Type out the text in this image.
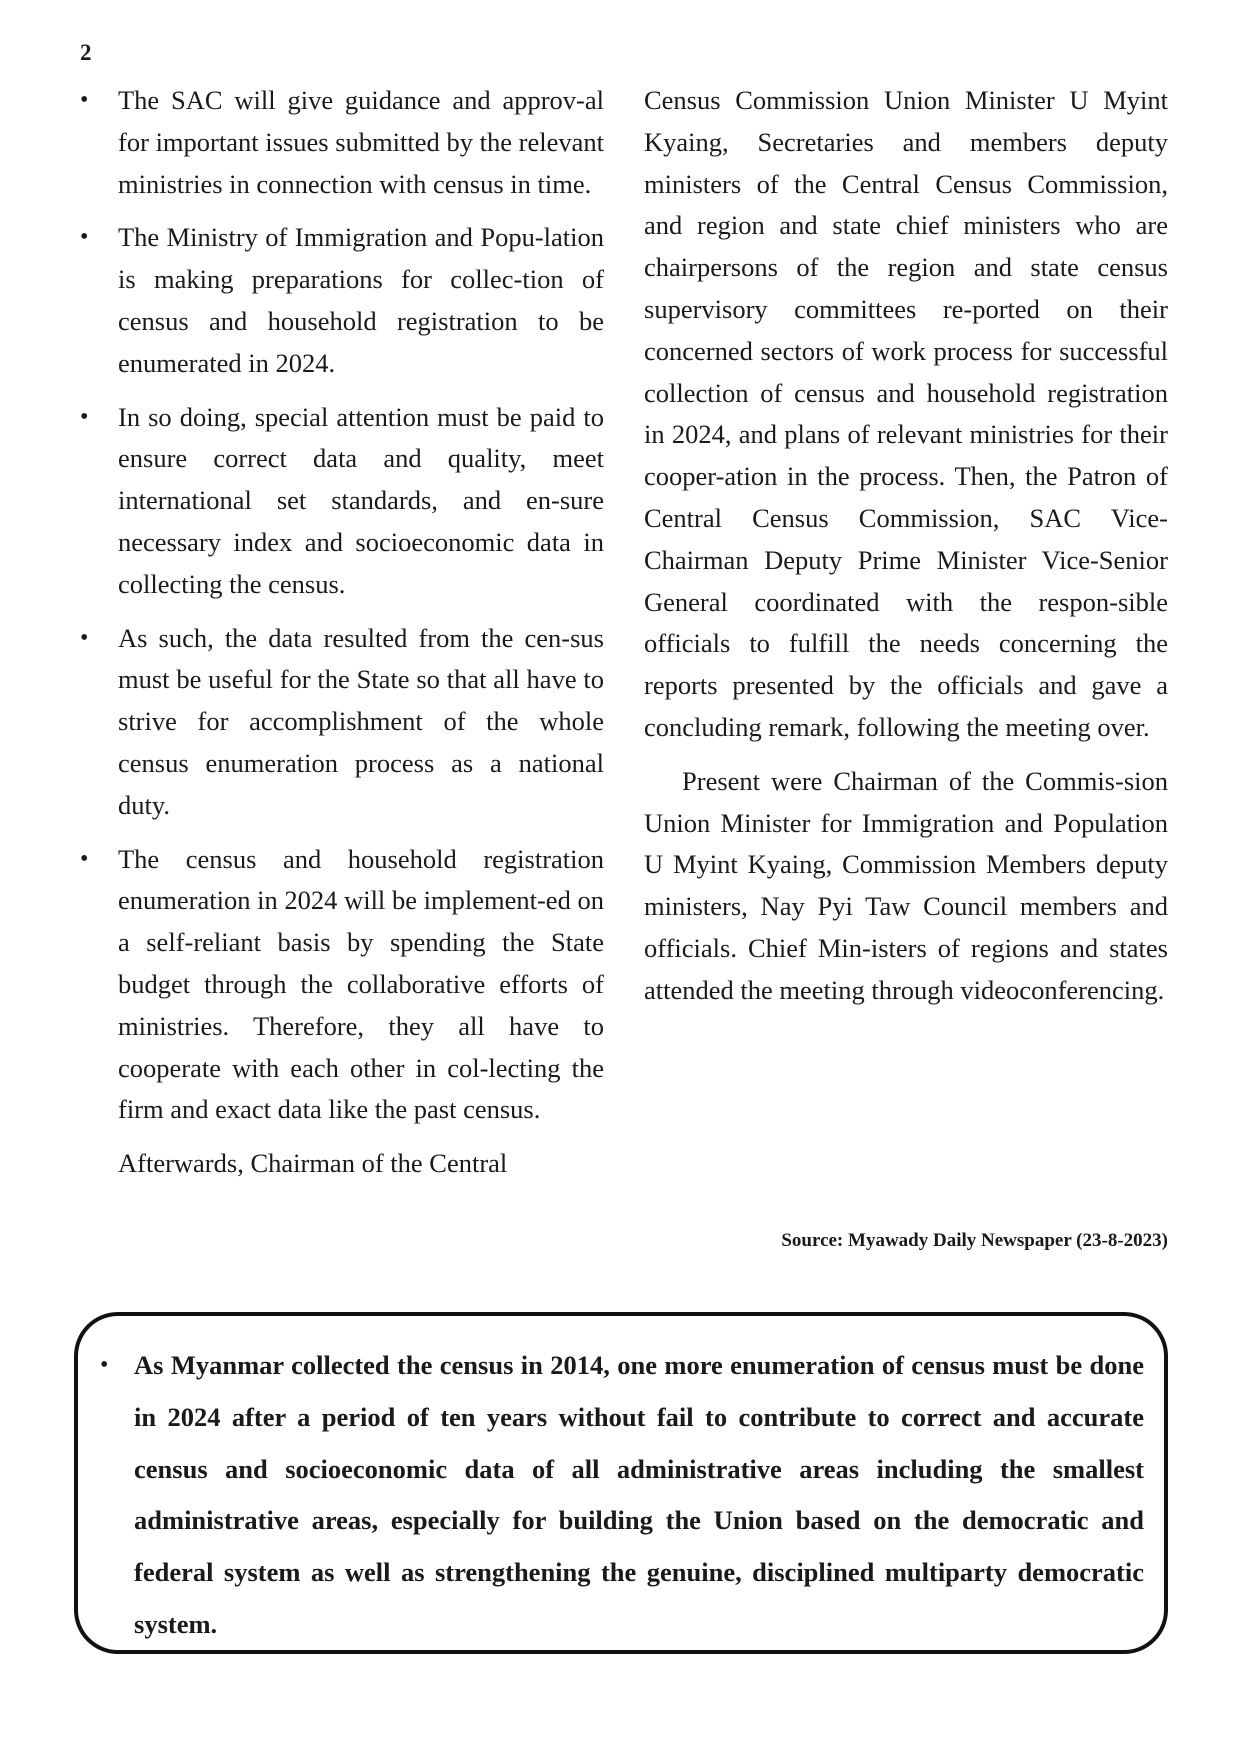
2
• The SAC will give guidance and approv-al for important issues submitted by the relevant ministries in connection with census in time.
• The Ministry of Immigration and Popu-lation is making preparations for collec-tion of census and household registration to be enumerated in 2024.
• In so doing, special attention must be paid to ensure correct data and quality, meet international set standards, and en-sure necessary index and socioeconomic data in collecting the census.
• As such, the data resulted from the cen-sus must be useful for the State so that all have to strive for accomplishment of the whole census enumeration process as a national duty.
• The census and household registration enumeration in 2024 will be implement-ed on a self-reliant basis by spending the State budget through the collaborative efforts of ministries. Therefore, they all have to cooperate with each other in col-lecting the firm and exact data like the past census.

Afterwards, Chairman of the Central

Census Commission Union Minister U Myint Kyaing, Secretaries and members deputy ministers of the Central Census Commission, and region and state chief ministers who are chairpersons of the region and state census supervisory committees re-ported on their concerned sectors of work process for successful collection of census and household registration in 2024, and plans of relevant ministries for their cooper-ation in the process. Then, the Patron of Central Census Commission, SAC Vice-Chairman Deputy Prime Minister Vice-Senior General coordinated with the respon-sible officials to fulfill the needs concerning the reports presented by the officials and gave a concluding remark, following the meeting over.

Present were Chairman of the Commis-sion Union Minister for Immigration and Population U Myint Kyaing, Commission Members deputy ministers, Nay Pyi Taw Council members and officials. Chief Min-isters of regions and states attended the meeting through videoconferencing.

Source: Myawady Daily Newspaper (23-8-2023)
• As Myanmar collected the census in 2014, one more enumeration of census must be done in 2024 after a period of ten years without fail to contribute to correct and accurate census and socioeconomic data of all administrative areas including the smallest administrative areas, especially for building the Union based on the democratic and federal system as well as strengthening the genuine, disciplined multiparty democratic system.
